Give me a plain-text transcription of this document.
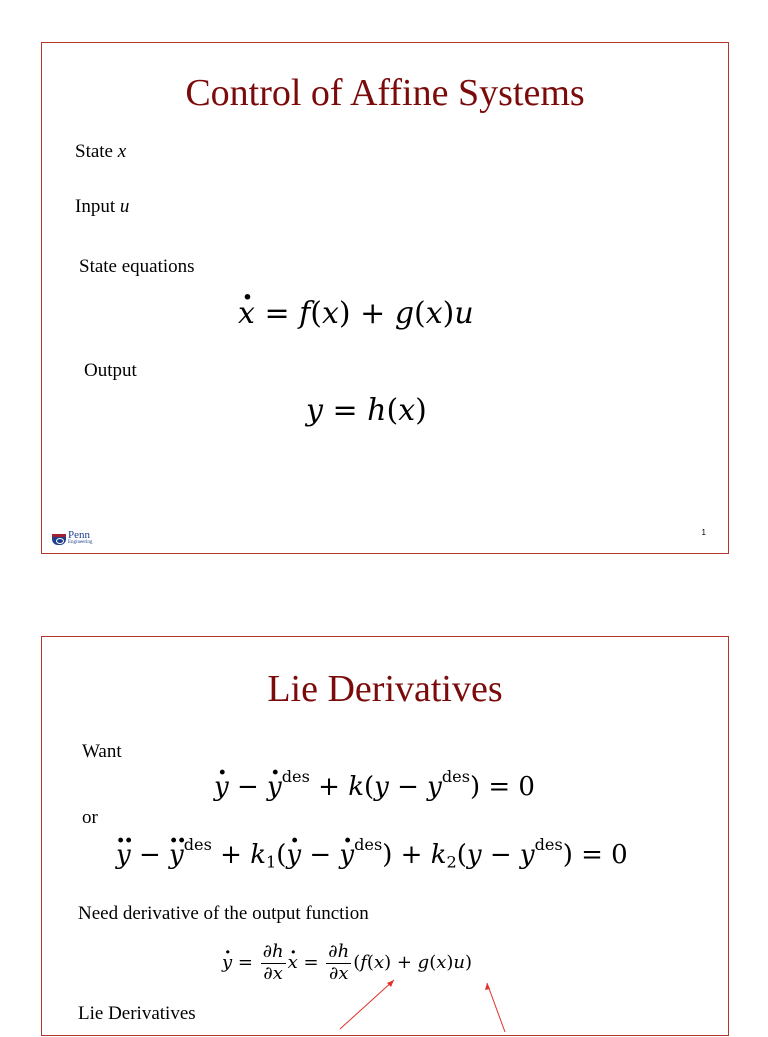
Control of Affine Systems
State x
Input u
State equations
· x = f(x) + g(x)u
Output
y = h(x)
Penn
Engineering
1
Lie Derivatives
Want
· y − · $y^{des} + k(y - y^{des}) = 0$
or
·· y − ·· $y^{des} + k_1(\cdot y$ − · $y^{des}) + k_2(y - y^{des}) = 0$
Need derivative of the output function
· $y = \frac{\partial h}{\partial x}$
· $x = \frac{\partial h}{\partial x} (f(x) + g(x)u)$
Lie Derivatives
